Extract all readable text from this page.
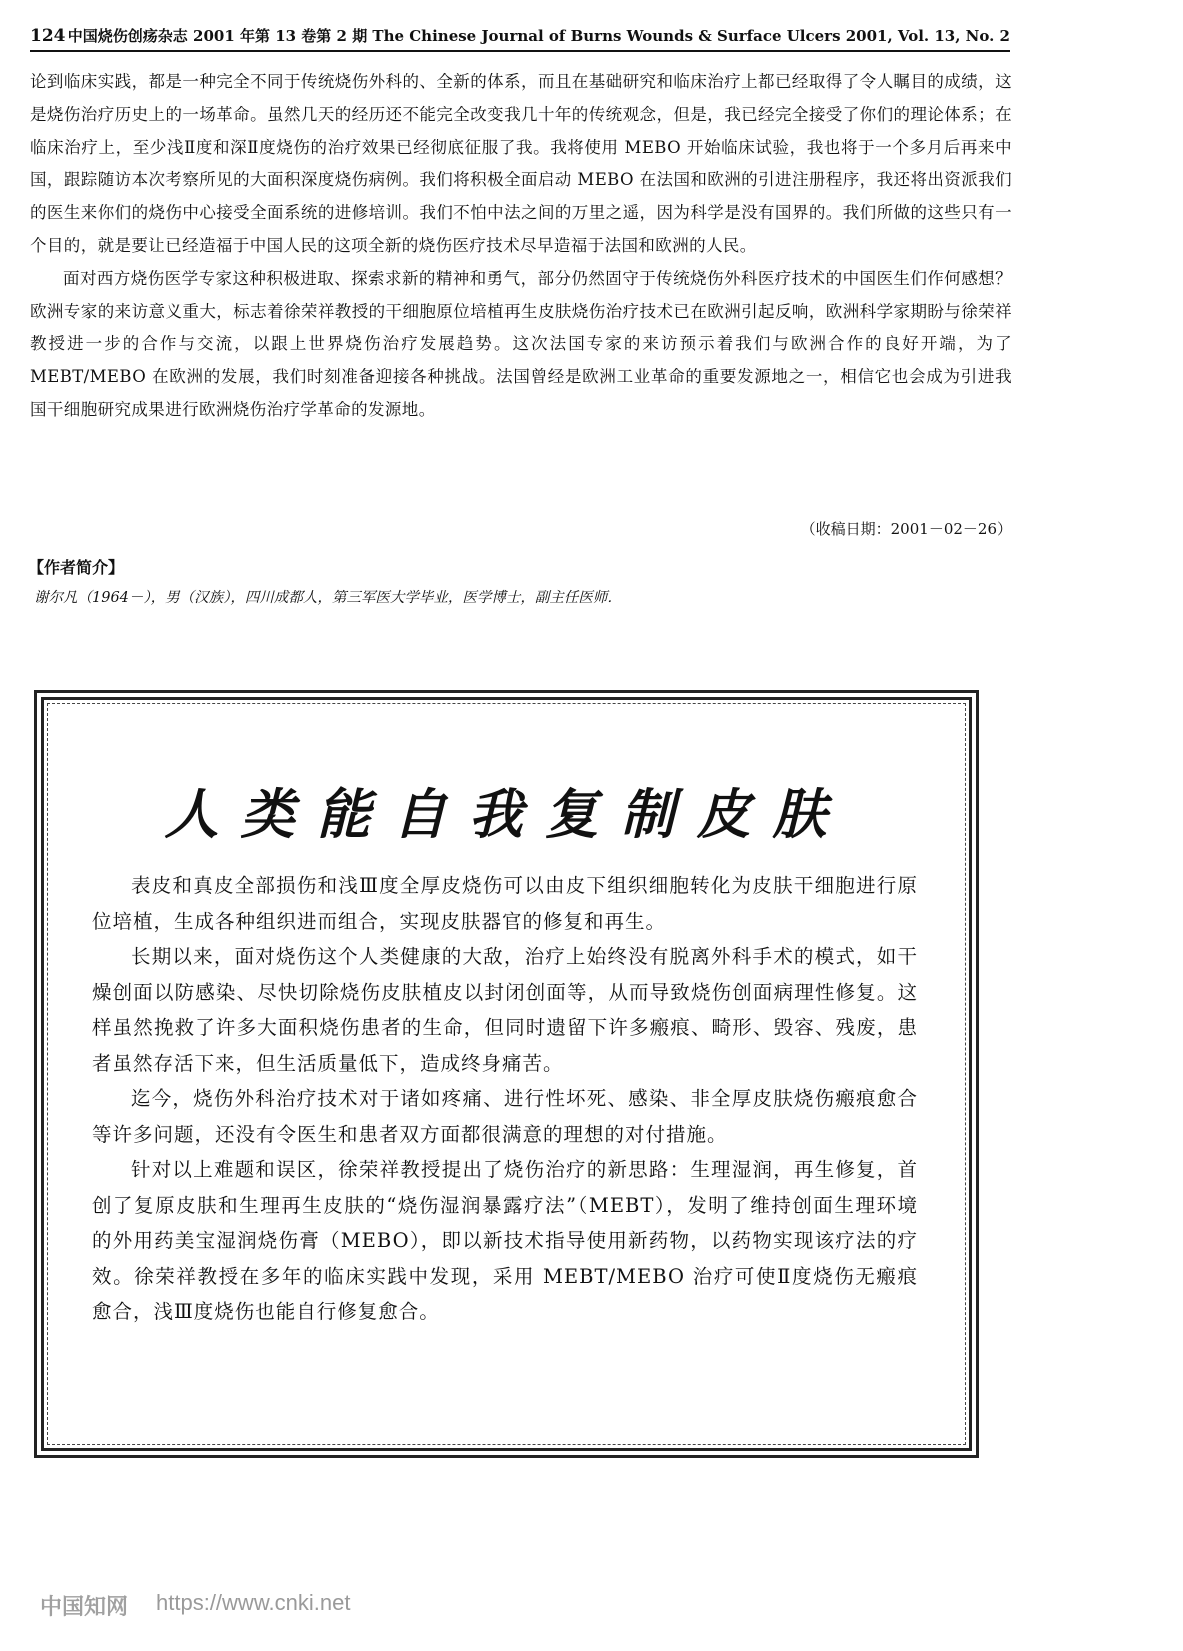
124 中国烧伤创疡杂志 2001 年第 13 卷第 2 期 The Chinese Journal of Burns Wounds & Surface Ulcers 2001, Vol. 13, No. 2

论到临床实践，都是一种完全不同于传统烧伤外科的、全新的体系，而且在基础研究和临床治疗上都已经取得了令人瞩目的成绩，这是烧伤治疗历史上的一场革命。虽然几天的经历还不能完全改变我几十年的传统观念，但是，我已经完全接受了你们的理论体系；在临床治疗上，至少浅Ⅱ度和深Ⅱ度烧伤的治疗效果已经彻底征服了我。我将使用 MEBO 开始临床试验，我也将于一个多月后再来中国，跟踪随访本次考察所见的大面积深度烧伤病例。我们将积极全面启动 MEBO 在法国和欧洲的引进注册程序，我还将出资派我们的医生来你们的烧伤中心接受全面系统的进修培训。我们不怕中法之间的万里之遥，因为科学是没有国界的。我们所做的这些只有一个目的，就是要让已经造福于中国人民的这项全新的烧伤医疗技术尽早造福于法国和欧洲的人民。

面对西方烧伤医学专家这种积极进取、探索求新的精神和勇气，部分仍然固守于传统烧伤外科医疗技术的中国医生们作何感想？欧洲专家的来访意义重大，标志着徐荣祥教授的干细胞原位培植再生皮肤烧伤治疗技术已在欧洲引起反响，欧洲科学家期盼与徐荣祥教授进一步的合作与交流，以跟上世界烧伤治疗发展趋势。这次法国专家的来访预示着我们与欧洲合作的良好开端，为了 MEBT/MEBO 在欧洲的发展，我们时刻准备迎接各种挑战。法国曾经是欧洲工业革命的重要发源地之一，相信它也会成为引进我国干细胞研究成果进行欧洲烧伤治疗学革命的发源地。

（收稿日期：2001－02－26）
【作者简介】
谢尔凡（1964－），男（汉族），四川成都人，第三军医大学毕业，医学博士，副主任医师．
人类能自我复制皮肤

表皮和真皮全部损伤和浅Ⅲ度全厚皮烧伤可以由皮下组织细胞转化为皮肤干细胞进行原位培植，生成各种组织进而组合，实现皮肤器官的修复和再生。

长期以来，面对烧伤这个人类健康的大敌，治疗上始终没有脱离外科手术的模式，如干燥创面以防感染、尽快切除烧伤皮肤植皮以封闭创面等，从而导致烧伤创面病理性修复。这样虽然挽救了许多大面积烧伤患者的生命，但同时遗留下许多瘢痕、畸形、毁容、残废，患者虽然存活下来，但生活质量低下，造成终身痛苦。

迄今，烧伤外科治疗技术对于诸如疼痛、进行性坏死、感染、非全厚皮肤烧伤瘢痕愈合等许多问题，还没有令医生和患者双方面都很满意的理想的对付措施。

针对以上难题和误区，徐荣祥教授提出了烧伤治疗的新思路：生理湿润，再生修复，首创了复原皮肤和生理再生皮肤的“烧伤湿润暴露疗法”（MEBT），发明了维持创面生理环境的外用药美宝湿润烧伤膏（MEBO），即以新技术指导使用新药物，以药物实现该疗法的疗效。徐荣祥教授在多年的临床实践中发现，采用 MEBT/MEBO 治疗可使Ⅱ度烧伤无瘢痕愈合，浅Ⅲ度烧伤也能自行修复愈合。

中国知网 https://www.cnki.net
